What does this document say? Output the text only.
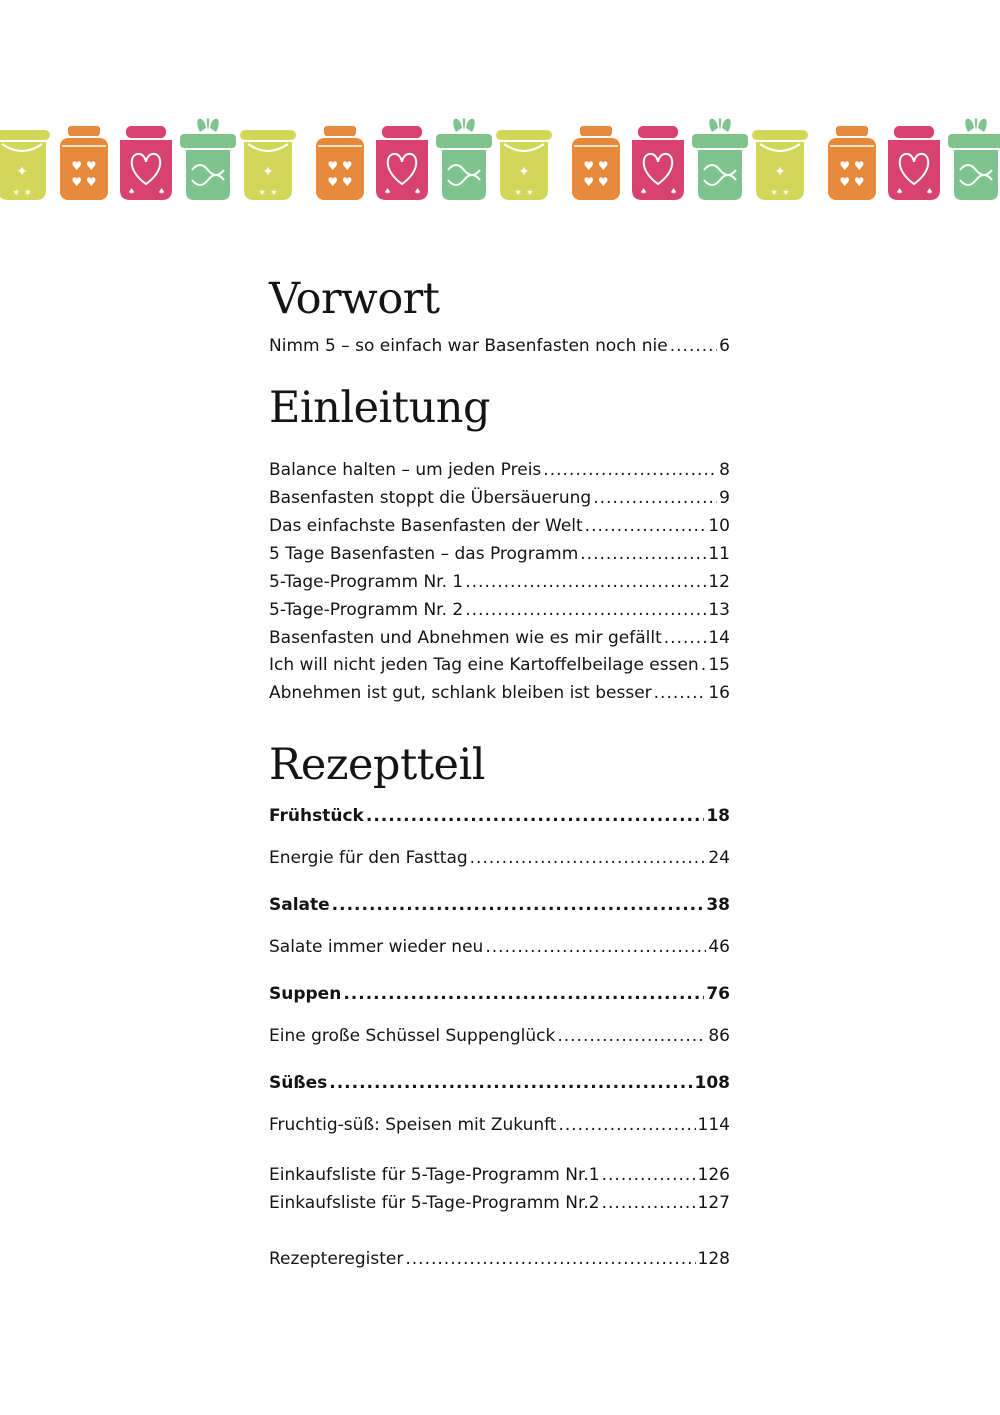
✦
✶ ✶
♥ ♥
♥ ♥
♠	♠
✦
✶ ✶
♥ ♥
♥ ♥
♠	♠
✦
✶ ✶
♥ ♥
♥ ♥
♠	♠
✦
✶ ✶
♥ ♥
♥ ♥
♠	♠
Vorwort
Einleitung
Rezeptteil
Nimm 5 – so einfach war Basenfasten noch nie .....	6
Balance halten – um jeden Preis .....	8
Basenfasten stoppt die Übersäuerung .....	9
Das einfachste Basenfasten der Welt .....	10
5 Tage Basenfasten – das Programm .....	11
5-Tage-Programm Nr. 1 .....	12
5-Tage-Programm Nr. 2 .....	13
Basenfasten und Abnehmen wie es mir gefällt .....	14
Ich will nicht jeden Tag eine Kartoffelbeilage essen ..... 15
Abnehmen ist gut, schlank bleiben ist besser .....	16
Frühstück .....	18
Energie für den Fasttag .....	24
Salate .....	38
Salate immer wieder neu .....	46
Suppen .....	76
Eine große Schüssel Suppenglück .....	86
Süßes .....	108
Fruchtig-süß: Speisen mit Zukunft .....	114
Einkaufsliste für 5-Tage-Programm Nr.1 .....	126
Einkaufsliste für 5-Tage-Programm Nr.2 .....	127
Rezepteregister .....	128
